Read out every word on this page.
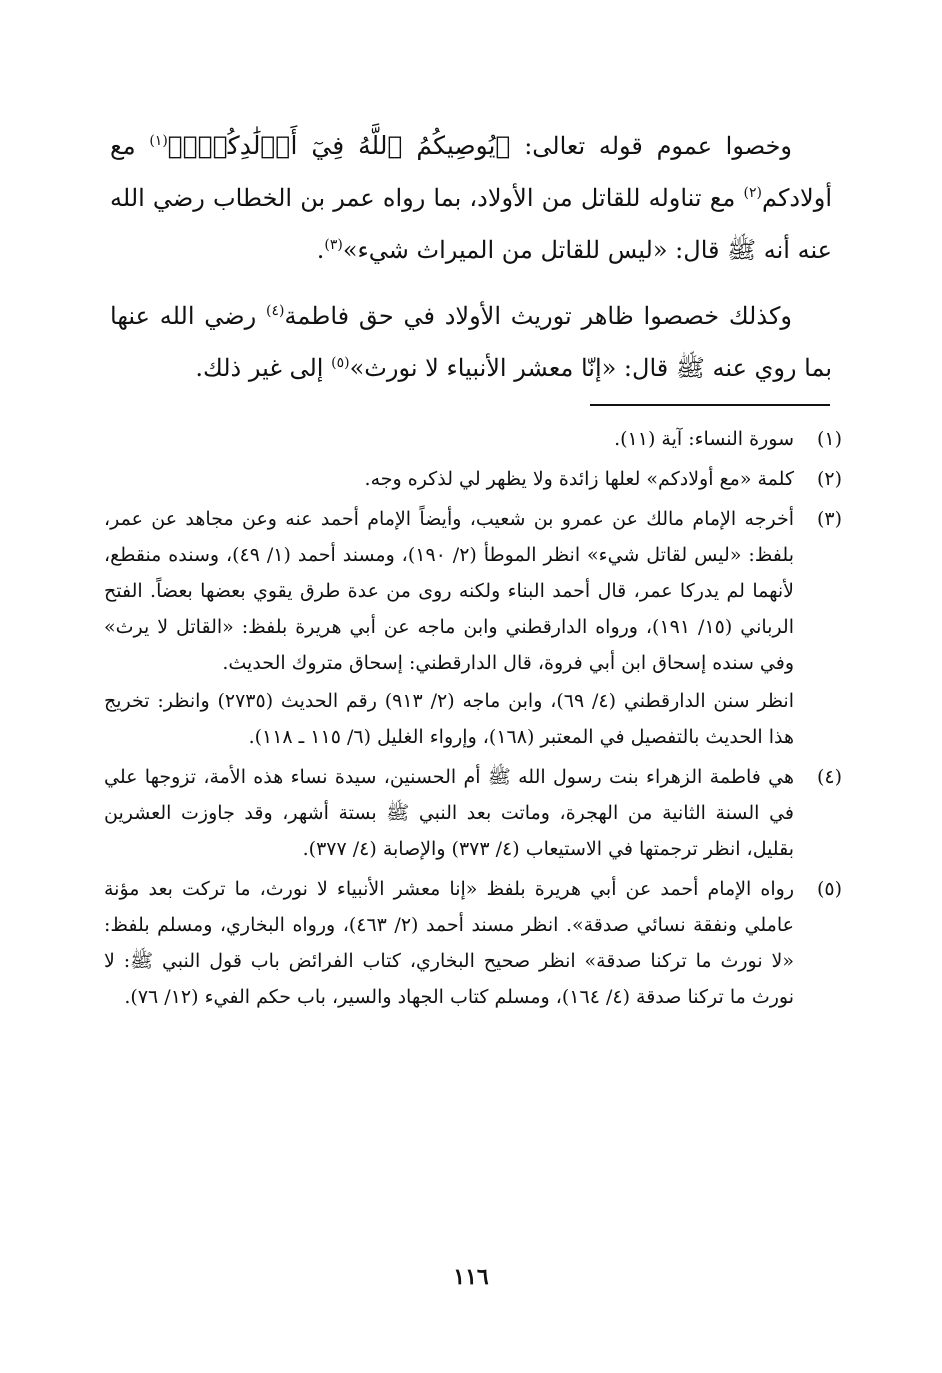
وخصوا عموم قوله تعالى: ﴿يُوصِيكُمُ ٱللَّهُ فِيٓ أَوۡلَٰدِكُمۡۖ﴾$^{(١)}$ مع أولادكم$^{(٢)}$ مع تناوله للقاتل من الأولاد، بما رواه عمر بن الخطاب رضي الله عنه أنه ﷺ قال: «ليس للقاتل من الميراث شيء»$^{(٣)}$.

وكذلك خصصوا ظاهر توريث الأولاد في حق فاطمة$^{(٤)}$ رضي الله عنها بما روي عنه ﷺ قال: «إنّا معشر الأنبياء لا نورث»$^{(٥)}$ إلى غير ذلك.

(١)
سورة النساء: آية (١١).
(٢)
كلمة «مع أولادكم» لعلها زائدة ولا يظهر لي لذكره وجه.
(٣)
أخرجه الإمام مالك عن عمرو بن شعيب، وأيضاً الإمام أحمد عنه وعن مجاهد عن عمر، بلفظ: «ليس لقاتل شيء» انظر الموطأ (٢/ ١٩٠)، ومسند أحمد (١/ ٤٩)، وسنده منقطع، لأنهما لم يدركا عمر، قال أحمد البناء ولكنه روى من عدة طرق يقوي بعضها بعضاً. الفتح الرباني (١٥/ ١٩١)، ورواه الدارقطني وابن ماجه عن أبي هريرة بلفظ: «القاتل لا يرث» وفي سنده إسحاق ابن أبي فروة، قال الدارقطني: إسحاق متروك الحديث.
انظر سنن الدارقطني (٤/ ٦٩)، وابن ماجه (٢/ ٩١٣) رقم الحديث (٢٧٣٥) وانظر: تخريج هذا الحديث بالتفصيل في المعتبر (١٦٨)، وإرواء الغليل (٦/ ١١٥ ـ ١١٨).
(٤)
هي فاطمة الزهراء بنت رسول الله ﷺ أم الحسنين، سيدة نساء هذه الأمة، تزوجها علي في السنة الثانية من الهجرة، وماتت بعد النبي ﷺ بستة أشهر، وقد جاوزت العشرين بقليل، انظر ترجمتها في الاستيعاب (٤/ ٣٧٣) والإصابة (٤/ ٣٧٧).
(٥)
رواه الإمام أحمد عن أبي هريرة بلفظ «إنا معشر الأنبياء لا نورث، ما تركت بعد مؤنة عاملي ونفقة نسائي صدقة». انظر مسند أحمد (٢/ ٤٦٣)، ورواه البخاري، ومسلم بلفظ: «لا نورث ما تركنا صدقة» انظر صحيح البخاري، كتاب الفرائض باب قول النبي ﷺ: لا نورث ما تركنا صدقة (٤/ ١٦٤)، ومسلم كتاب الجهاد والسير، باب حكم الفيء (١٢/ ٧٦).
١١٦
